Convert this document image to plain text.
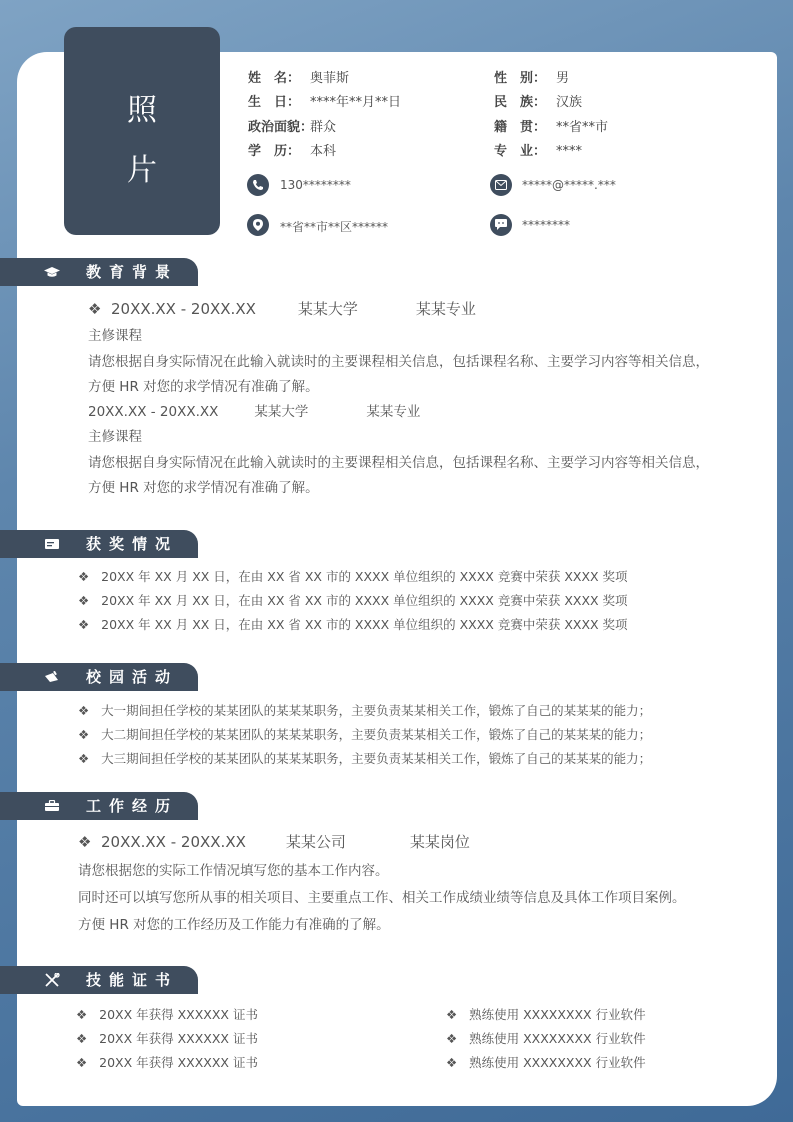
照
片
姓　名： 奥菲斯	性　别： 男
生　日： ****年**月**日	民　族： 汉族
政治面貌：群众	籍　贯： **省**市
学　历： 本科	专　业： ****
130********	*****@*****.***
**省**市**区******	********
教育背景
❖ 20XX.XX - 20XX.XX	某某大学	某某专业
主修课程
请您根据自身实际情况在此输入就读时的主要课程相关信息，包括课程名称、主要学习内容等相关信息，
方便 HR 对您的求学情况有准确了解。
20XX.XX - 20XX.XX	某某大学	某某专业
主修课程
请您根据自身实际情况在此输入就读时的主要课程相关信息，包括课程名称、主要学习内容等相关信息，
方便 HR 对您的求学情况有准确了解。
获奖情况
❖ 20XX 年 XX 月 XX 日，在由 XX 省 XX 市的 XXXX 单位组织的 XXXX 竞赛中荣获 XXXX 奖项
❖ 20XX 年 XX 月 XX 日，在由 XX 省 XX 市的 XXXX 单位组织的 XXXX 竞赛中荣获 XXXX 奖项
❖ 20XX 年 XX 月 XX 日，在由 XX 省 XX 市的 XXXX 单位组织的 XXXX 竞赛中荣获 XXXX 奖项
校园活动
❖ 大一期间担任学校的某某团队的某某某职务，主要负责某某相关工作，锻炼了自己的某某某的能力；
❖ 大二期间担任学校的某某团队的某某某职务，主要负责某某相关工作，锻炼了自己的某某某的能力；
❖ 大三期间担任学校的某某团队的某某某职务，主要负责某某相关工作，锻炼了自己的某某某的能力；
工作经历
❖ 20XX.XX - 20XX.XX	某某公司	某某岗位
请您根据您的实际工作情况填写您的基本工作内容。
同时还可以填写您所从事的相关项目、主要重点工作、相关工作成绩业绩等信息及具体工作项目案例。
方便 HR 对您的工作经历及工作能力有准确的了解。
技能证书
❖ 20XX 年获得 XXXXXX 证书
❖ 20XX 年获得 XXXXXX 证书
❖ 20XX 年获得 XXXXXX 证书
❖ 熟练使用 XXXXXXXX 行业软件
❖ 熟练使用 XXXXXXXX 行业软件
❖ 熟练使用 XXXXXXXX 行业软件
